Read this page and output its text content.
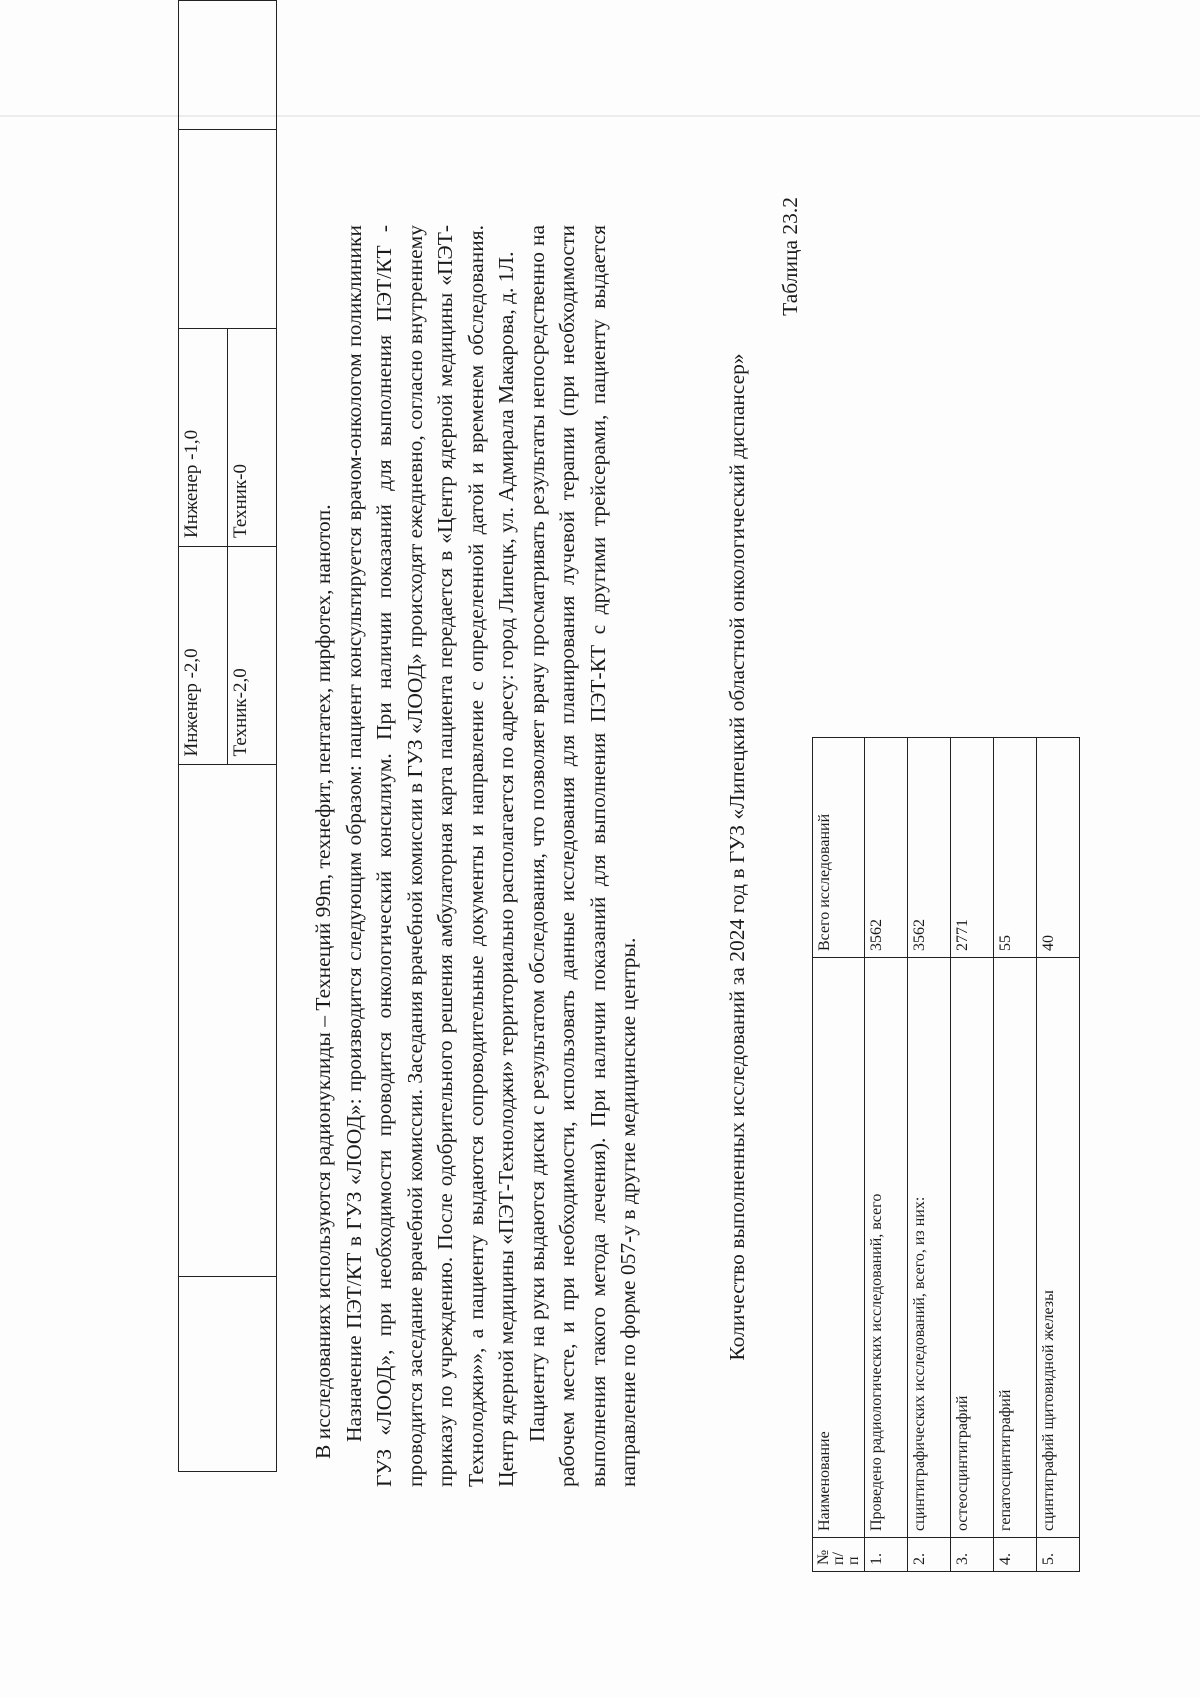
		Инженер -2,0	Инженер -1,0		
		Техник-2,0	Техник-0		

В исследованиях используются радионуклиды – Технеций 99m, технефит, пентатех, пирфотех, нанотоп. Назначение ПЭТ/КТ в ГУЗ «ЛООД»: производится следующим образом: пациент консультируется врачом-онкологом поликлиники ГУЗ «ЛООД», при необходимости проводится онкологический консилиум. При наличии показаний для выполнения ПЭТ/КТ - проводится заседание врачебной комиссии. Заседания врачебной комиссии в ГУЗ «ЛООД» происходят ежедневно, согласно внутреннему приказу по учреждению. После одобрительного решения амбулаторная карта пациента передается в «Центр ядерной медицины «ПЭТ-Технолоджи»», а пациенту выдаются сопроводительные документы и направление с определенной датой и временем обследования. Центр ядерной медицины «ПЭТ-Технолоджи» территориально располагается по адресу: город Липецк, ул. Адмирала Макарова, д. 1Л. Пациенту на руки выдаются диски с результатом обследования, что позволяет врачу просматривать результаты непосредственно на рабочем месте, и при необходимости, использовать данные исследования для планирования лучевой терапии (при необходимости выполнения такого метода лечения). При наличии показаний для выполнения ПЭТ-КТ с другими трейсерами, пациенту выдается направление по форме 057-у в другие медицинские центры.	Количество выполненных исследований за 2024 год в ГУЗ «Липецкий областной онкологический диспансер»
Таблица 23.2
№ п/п	Наименование	Всего исследований
1.	Проведено радиологических исследований, всего	3562
2.	сцинтиграфических исследований, всего, из них:	3562
3.	остеосцинтиграфий	2771
4.	гепатосцинтиграфий	55
5.	сцинтиграфий щитовидной железы	40
